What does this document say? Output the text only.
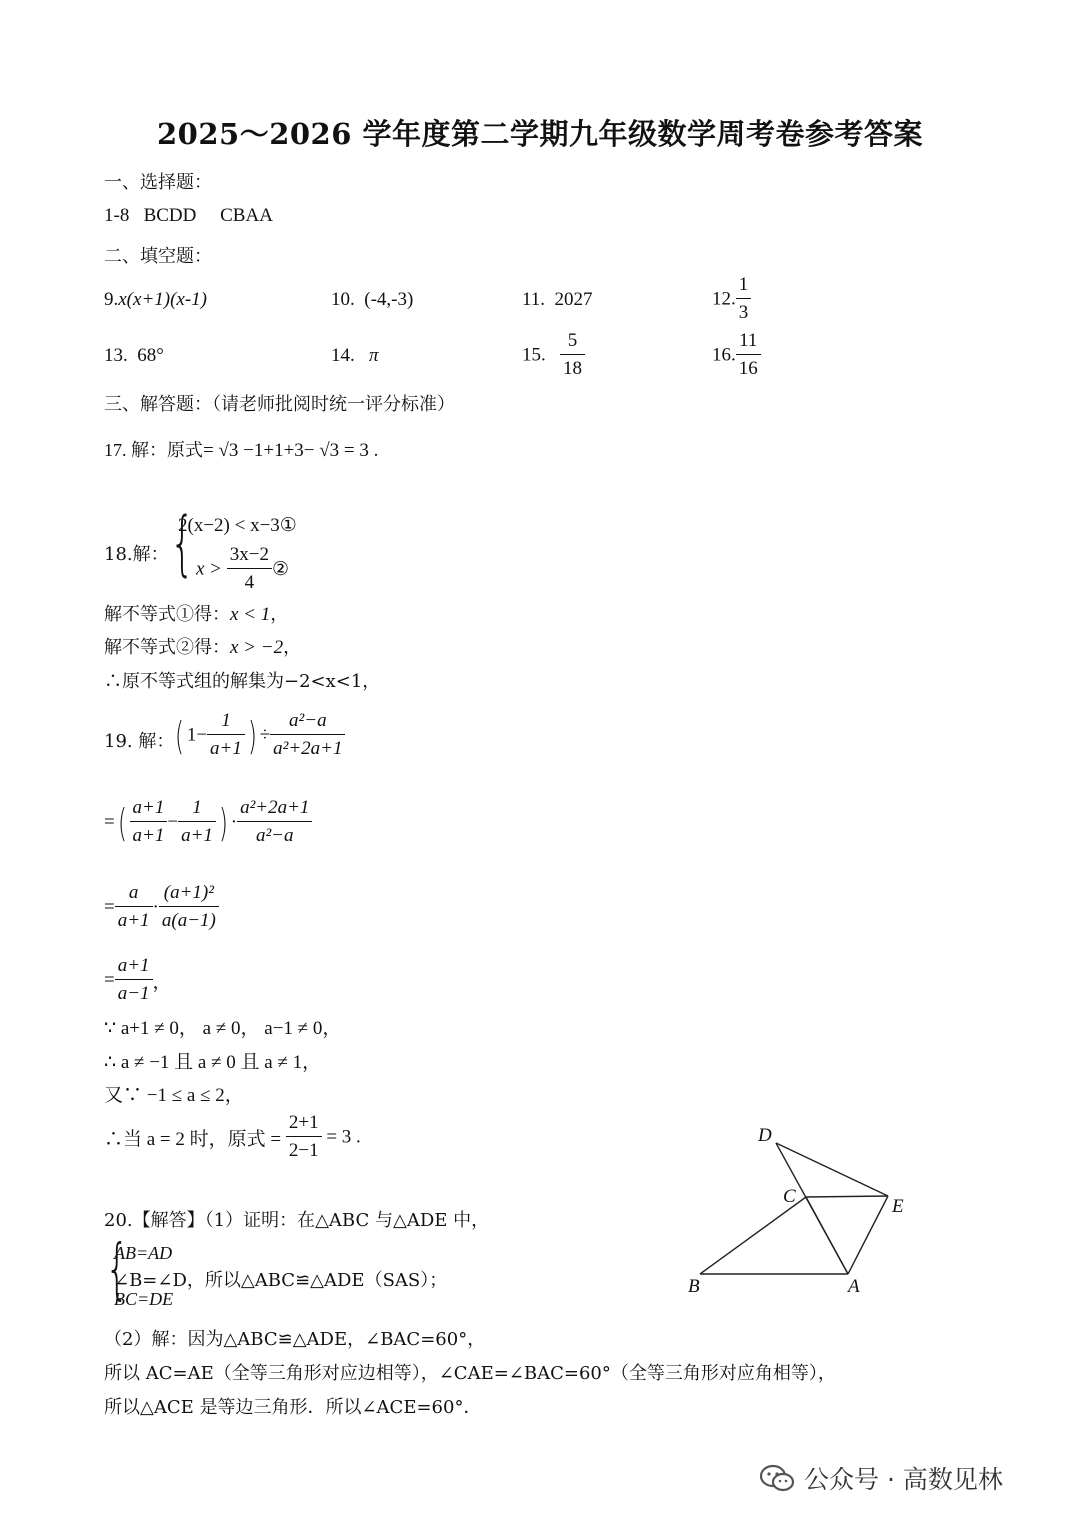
2025～2026 学年度第二学期九年级数学周考卷参考答案
一、选择题：
1-8 BCDD CBAA
二、填空题：
9.x(x+1)(x-1)	10. (-4,-3)	11. 2027	12. $\frac{1}{3}$
13. 68°	14. π	15. $\frac{5}{18}$	16. $\frac{11}{16}$
三、解答题：（请老师批阅时统一评分标准）
17. 解：原式= √3 −1+1+3− √3 = 3 .
18.解： {
2(x−2) < x−3①
$x > \frac{3x-2}{4}$ ②
解不等式①得：x < 1，
解不等式②得：x > −2，
∴原不等式组的解集为−2<x<1，
19. 解： ( $1- \frac{1}{a+1}$ ) ÷ $\frac{\text{a²−a}}{\text{a²+2a+1}}$
=( $\frac{a+1}{a+1} - \frac{1}{a+1}$ ) · $\frac{\text{a²+2a+1}}{\text{a²−a}}$
= $\frac{a}{a+1} \cdot \frac{\text{(a+1)²}}{a(a-1)}$
= $\frac{a+1}{a-1}$ ，
∵ a+1 ≠ 0， a ≠ 0， a−1 ≠ 0，
∴ a ≠ −1 且 a ≠ 0 且 a ≠ 1，
又∵ −1 ≤ a ≤ 2，
∴当 a = 2 时，原式 = $\frac{2+1}{2-1} = 3$ .
20.【解答】（1）证明：在△ABC 与△ADE 中，
{
AB=AD
∠B=∠D，所以△ABC≌△ADE（SAS）；
BC=DE
（2）解：因为△ABC≌△ADE，∠BAC=60°，
所以 AC=AE（全等三角形对应边相等），∠CAE=∠BAC=60°（全等三角形对应角相等），
所以△ACE 是等边三角形．所以∠ACE=60°．
D
C	E
B	A
公众号 · 高数见林
